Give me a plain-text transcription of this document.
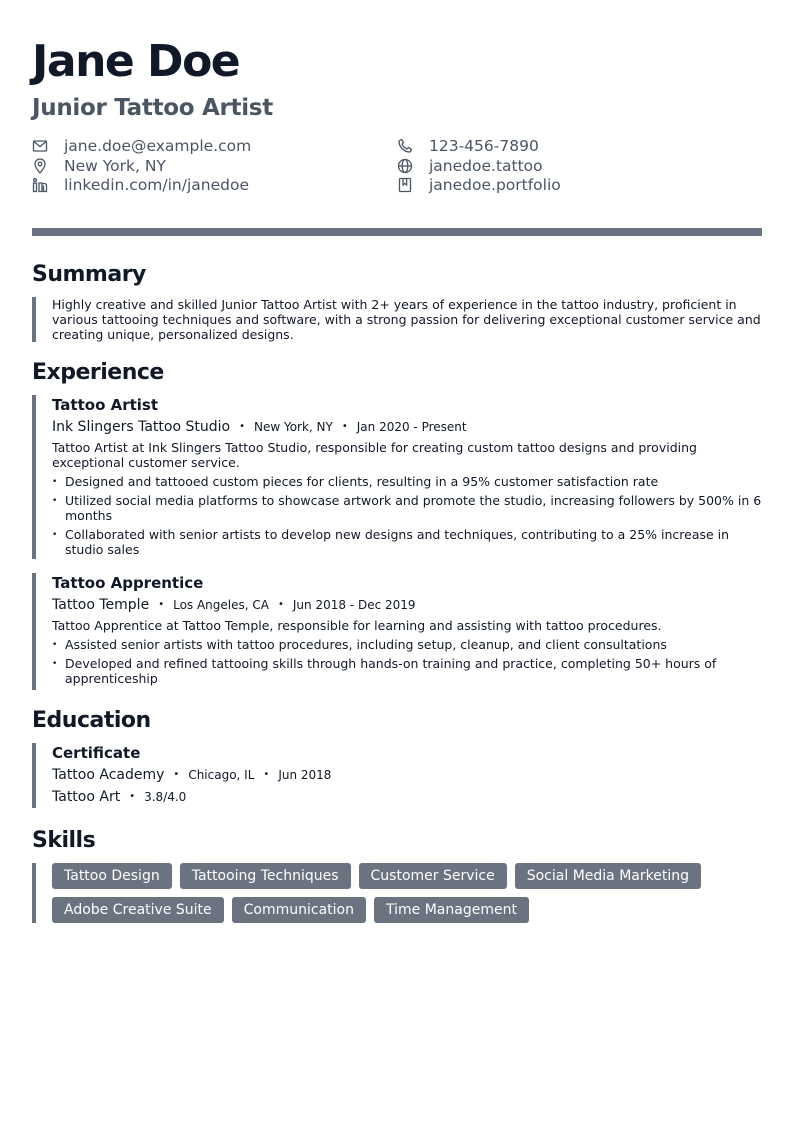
Jane Doe
Junior Tattoo Artist
jane.doe@example.com
New York, NY
linkedin.com/in/janedoe
123-456-7890
janedoe.tattoo
janedoe.portfolio
Summary
Highly creative and skilled Junior Tattoo Artist with 2+ years of experience in the tattoo industry, proficient in various tattooing techniques and software, with a strong passion for delivering exceptional customer service and creating unique, personalized designs.
Experience
Tattoo Artist
Ink Slingers Tattoo Studio • New York, NY • Jan 2020 - Present
Tattoo Artist at Ink Slingers Tattoo Studio, responsible for creating custom tattoo designs and providing exceptional customer service.
• Designed and tattooed custom pieces for clients, resulting in a 95% customer satisfaction rate
• Utilized social media platforms to showcase artwork and promote the studio, increasing followers by 500% in 6 months
• Collaborated with senior artists to develop new designs and techniques, contributing to a 25% increase in studio sales
Tattoo Apprentice
Tattoo Temple • Los Angeles, CA • Jun 2018 - Dec 2019
Tattoo Apprentice at Tattoo Temple, responsible for learning and assisting with tattoo procedures.
• Assisted senior artists with tattoo procedures, including setup, cleanup, and client consultations
• Developed and refined tattooing skills through hands-on training and practice, completing 50+ hours of apprenticeship
Education
Certificate
Tattoo Academy • Chicago, IL • Jun 2018
Tattoo Art • 3.8/4.0
Skills
Tattoo Design	Tattooing Techniques	Customer Service	Social Media Marketing
Adobe Creative Suite	Communication	Time Management
